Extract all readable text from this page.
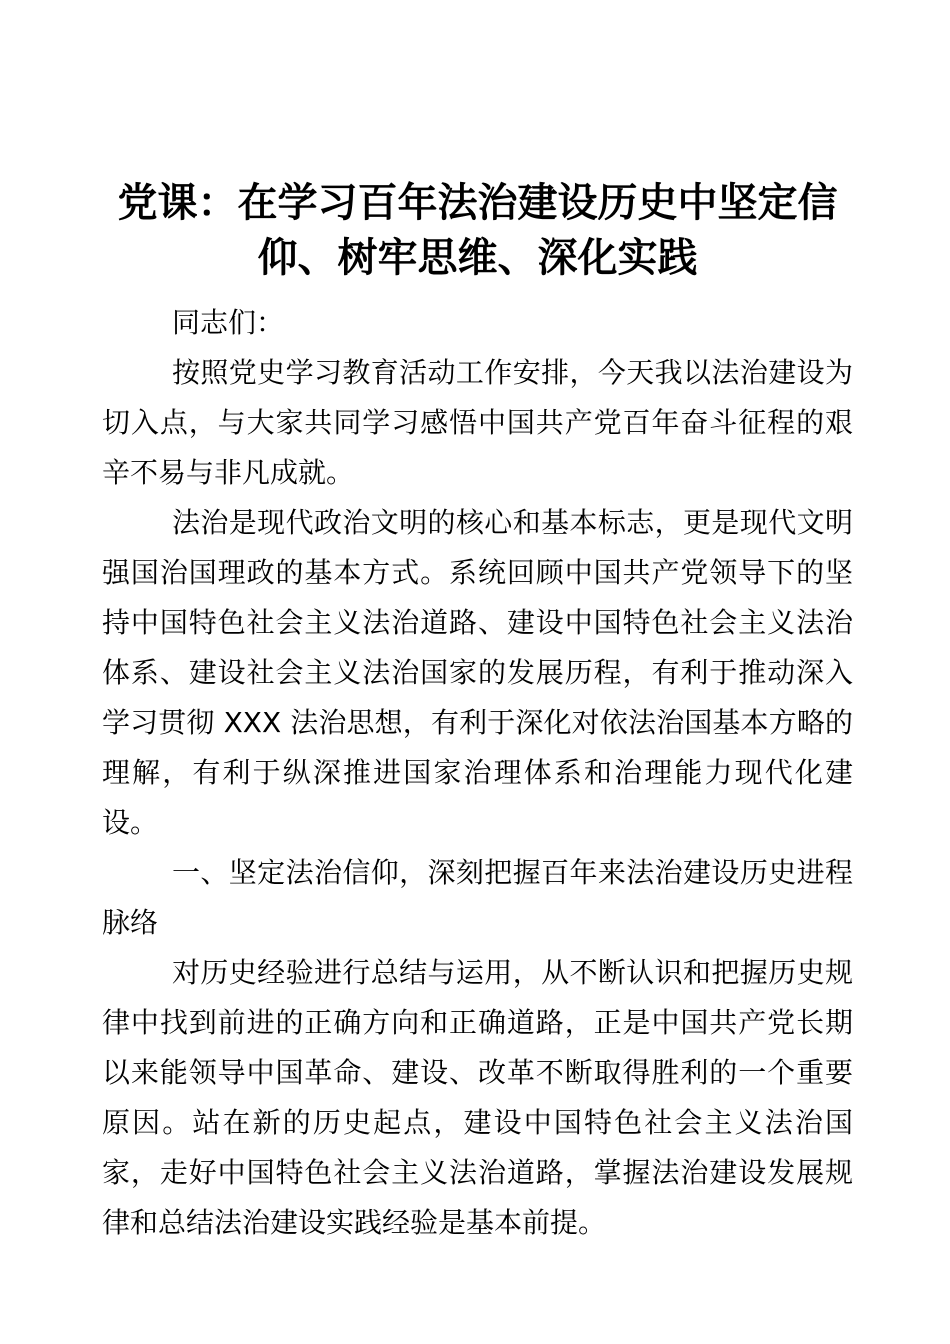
党课：在学习百年法治建设历史中坚定信仰、树牢思维、深化实践

同志们：

按照党史学习教育活动工作安排，今天我以法治建设为切入点，与大家共同学习感悟中国共产党百年奋斗征程的艰辛不易与非凡成就。

法治是现代政治文明的核心和基本标志，更是现代文明强国治国理政的基本方式。系统回顾中国共产党领导下的坚持中国特色社会主义法治道路、建设中国特色社会主义法治体系、建设社会主义法治国家的发展历程，有利于推动深入学习贯彻 XXX 法治思想，有利于深化对依法治国基本方略的理解，有利于纵深推进国家治理体系和治理能力现代化建设。

一、坚定法治信仰，深刻把握百年来法治建设历史进程脉络

对历史经验进行总结与运用，从不断认识和把握历史规律中找到前进的正确方向和正确道路，正是中国共产党长期以来能领导中国革命、建设、改革不断取得胜利的一个重要原因。站在新的历史起点，建设中国特色社会主义法治国家，走好中国特色社会主义法治道路，掌握法治建设发展规律和总结法治建设实践经验是基本前提。
